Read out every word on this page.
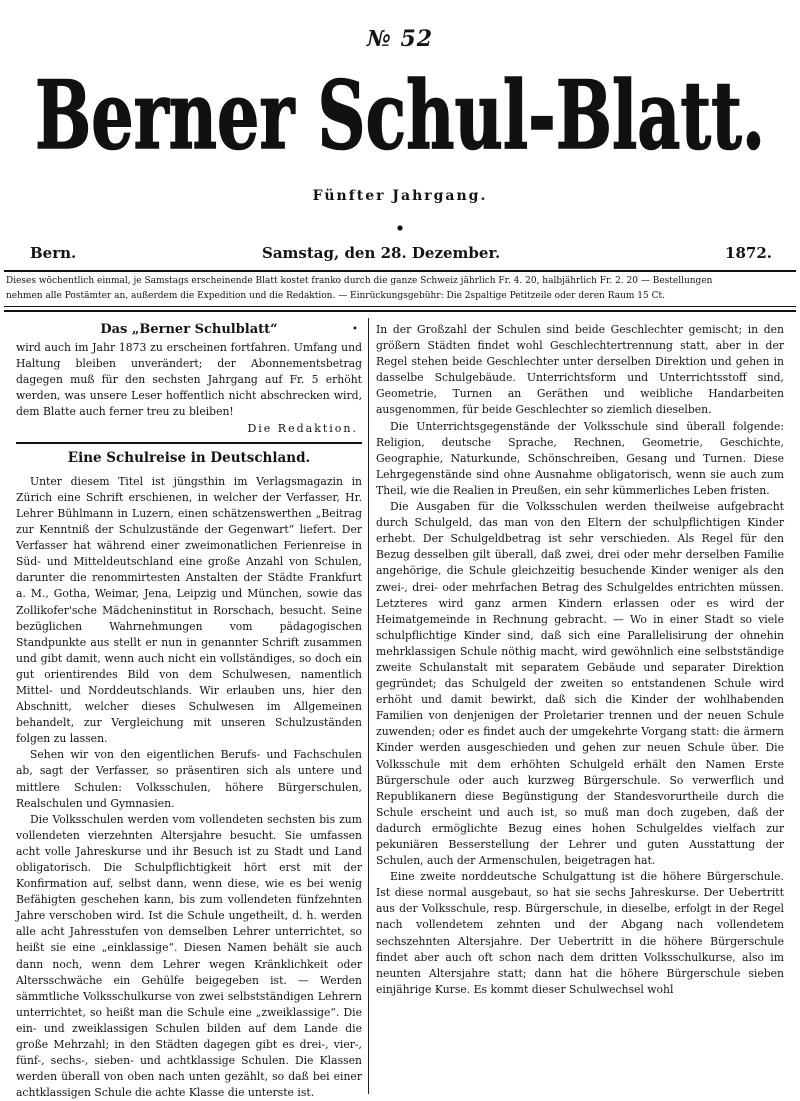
№ 52
Berner Schul-Blatt.
Fünfter Jahrgang.
Bern.	Samstag, den 28. Dezember.	1872.

Dieses wöchentlich einmal, je Samstags erscheinende Blatt kostet franko durch die ganze Schweiz jährlich Fr. 4. 20, halbjährlich Fr. 2. 20 — Bestellungen

nehmen alle Postämter an, außerdem die Expedition und die Redaktion. — Einrückungsgebühr: Die 2spaltige Petitzeile oder deren Raum 15 Ct.

•
Das „Berner Schulblatt“

wird auch im Jahr 1873 zu erscheinen fortfahren. Umfang und Haltung bleiben unverändert; der Abonnementsbetrag dagegen muß für den sechsten Jahrgang auf Fr. 5 erhöht werden, was unsere Leser hoffentlich nicht abschrecken wird, dem Blatte auch ferner treu zu bleiben!

Die Redaktion.
Eine Schulreise in Deutschland.

Unter diesem Titel ist jüngsthin im Verlagsmagazin in Zürich eine Schrift erschienen, in welcher der Verfasser, Hr. Lehrer Bühlmann in Luzern, einen schätzenswerthen „Beitrag zur Kenntniß der Schulzustände der Gegenwart“ liefert. Der Verfasser hat während einer zweimonatlichen Ferienreise in Süd- und Mitteldeutschland eine große Anzahl von Schulen, darunter die renommirtesten Anstalten der Städte Frankfurt a. M., Gotha, Weimar, Jena, Leipzig und München, sowie das Zollikofer'sche Mädcheninstitut in Rorschach, besucht. Seine bezüglichen Wahrnehmungen vom pädagogischen Standpunkte aus stellt er nun in genannter Schrift zusammen und gibt damit, wenn auch nicht ein vollständiges, so doch ein gut orientirendes Bild von dem Schulwesen, namentlich Mittel- und Norddeutschlands. Wir erlauben uns, hier den Abschnitt, welcher dieses Schulwesen im Allgemeinen behandelt, zur Vergleichung mit unseren Schulzuständen folgen zu lassen.

Sehen wir von den eigentlichen Berufs- und Fachschulen ab, sagt der Verfasser, so präsentiren sich als untere und mittlere Schulen: Volksschulen, höhere Bürgerschulen, Realschulen und Gymnasien.

Die Volksschulen werden vom vollendeten sechsten bis zum vollendeten vierzehnten Altersjahre besucht. Sie umfassen acht volle Jahreskurse und ihr Besuch ist zu Stadt und Land obligatorisch. Die Schulpflichtigkeit hört erst mit der Konfirmation auf, selbst dann, wenn diese, wie es bei wenig Befähigten geschehen kann, bis zum vollendeten fünfzehnten Jahre verschoben wird. Ist die Schule ungetheilt, d. h. werden alle acht Jahresstufen von demselben Lehrer unterrichtet, so heißt sie eine „einklassige“. Diesen Namen behält sie auch dann noch, wenn dem Lehrer wegen Kränklichkeit oder Altersschwäche ein Gehülfe beigegeben ist. — Werden sämmtliche Volksschulkurse von zwei selbstständigen Lehrern unterrichtet, so heißt man die Schule eine „zweiklassige“. Die ein- und zweiklassigen Schulen bilden auf dem Lande die große Mehrzahl; in den Städten dagegen gibt es drei-, vier-, fünf-, sechs-, sieben- und achtklassige Schulen. Die Klassen werden überall von oben nach unten gezählt, so daß bei einer achtklassigen Schule die achte Klasse die unterste ist.

In der Großzahl der Schulen sind beide Geschlechter gemischt; in den größern Städten findet wohl Geschlechtertrennung statt, aber in der Regel stehen beide Geschlechter unter derselben Direktion und gehen in dasselbe Schulgebäude. Unterrichtsform und Unterrichtsstoff sind, Geometrie, Turnen an Geräthen und weibliche Handarbeiten ausgenommen, für beide Geschlechter so ziemlich dieselben.

Die Unterrichtsgegenstände der Volksschule sind überall folgende: Religion, deutsche Sprache, Rechnen, Geometrie, Geschichte, Geographie, Naturkunde, Schönschreiben, Gesang und Turnen. Diese Lehrgegenstände sind ohne Ausnahme obligatorisch, wenn sie auch zum Theil, wie die Realien in Preußen, ein sehr kümmerliches Leben fristen.

Die Ausgaben für die Volksschulen werden theilweise aufgebracht durch Schulgeld, das man von den Eltern der schulpflichtigen Kinder erhebt. Der Schulgeldbetrag ist sehr verschieden. Als Regel für den Bezug desselben gilt überall, daß zwei, drei oder mehr derselben Familie angehörige, die Schule gleichzeitig besuchende Kinder weniger als den zwei-, drei- oder mehrfachen Betrag des Schulgeldes entrichten müssen. Letzteres wird ganz armen Kindern erlassen oder es wird der Heimatgemeinde in Rechnung gebracht. — Wo in einer Stadt so viele schulpflichtige Kinder sind, daß sich eine Parallelisirung der ohnehin mehrklassigen Schule nöthig macht, wird gewöhnlich eine selbstständige zweite Schulanstalt mit separatem Gebäude und separater Direktion gegründet; das Schulgeld der zweiten so entstandenen Schule wird erhöht und damit bewirkt, daß sich die Kinder der wohlhabenden Familien von denjenigen der Proletarier trennen und der neuen Schule zuwenden; oder es findet auch der umgekehrte Vorgang statt: die ärmern Kinder werden ausgeschieden und gehen zur neuen Schule über. Die Volksschule mit dem erhöhten Schulgeld erhält den Namen Erste Bürgerschule oder auch kurzweg Bürgerschule. So verwerflich und Republikanern diese Begünstigung der Standesvorurtheile durch die Schule erscheint und auch ist, so muß man doch zugeben, daß der dadurch ermöglichte Bezug eines hohen Schulgeldes vielfach zur pekuniären Besserstellung der Lehrer und guten Ausstattung der Schulen, auch der Armenschulen, beigetragen hat.

Eine zweite norddeutsche Schulgattung ist die höhere Bürgerschule. Ist diese normal ausgebaut, so hat sie sechs Jahreskurse. Der Uebertritt aus der Volksschule, resp. Bürgerschule, in dieselbe, erfolgt in der Regel nach vollendetem zehnten und der Abgang nach vollendetem sechszehnten Altersjahre. Der Uebertritt in die höhere Bürgerschule findet aber auch oft schon nach dem dritten Volksschulkurse, also im neunten Altersjahre statt; dann hat die höhere Bürgerschule sieben einjährige Kurse. Es kommt dieser Schulwechsel wohl
